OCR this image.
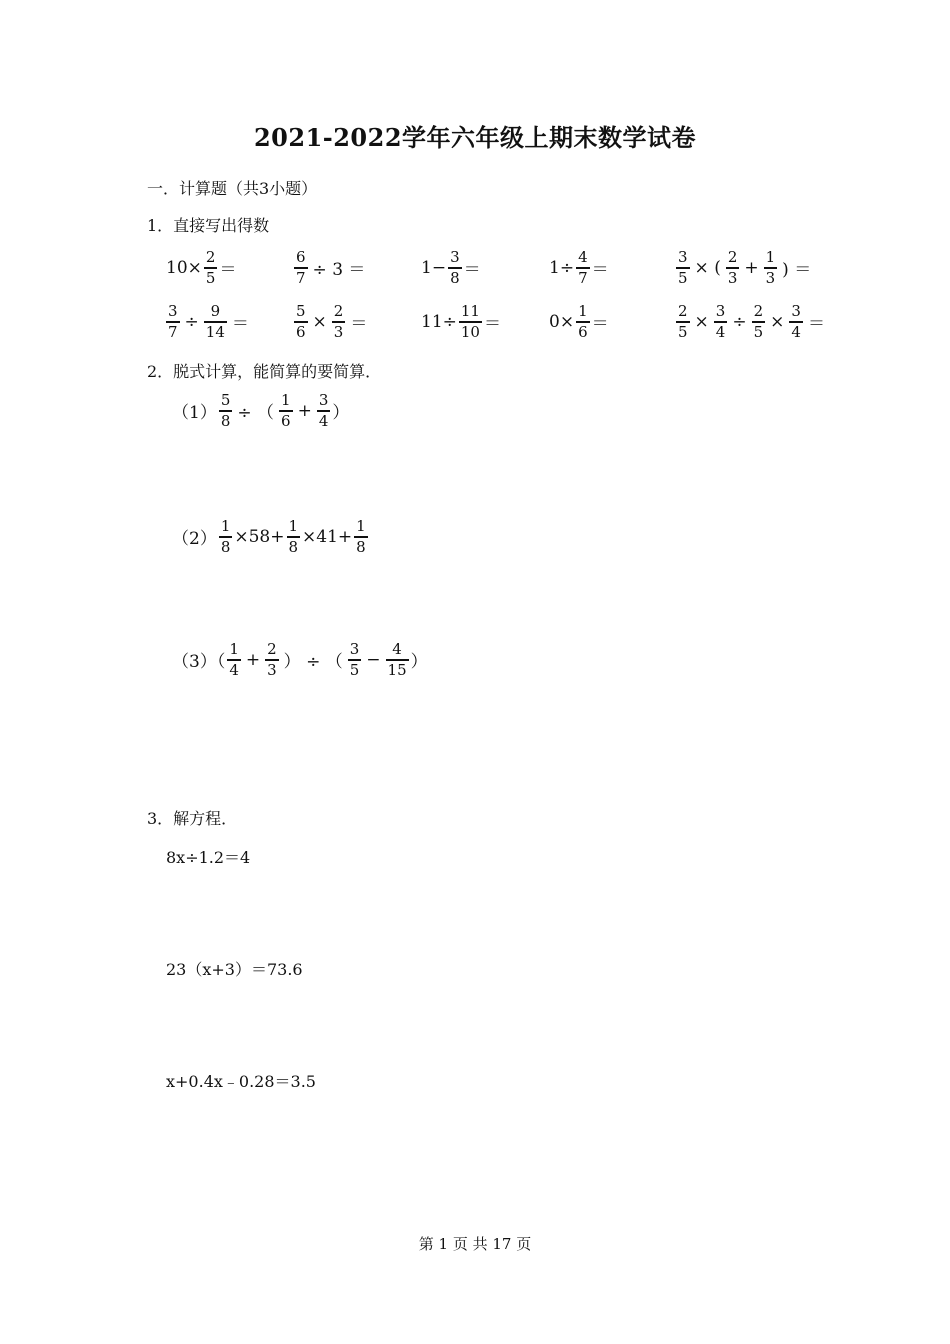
2021-2022学年六年级上期末数学试卷
一．计算题（共3小题）
1．直接写出得数
$10\times \frac{2}{5}$ ＝	$\frac{6}{7} \div 3$ ＝	$1- \frac{3}{8}$ ＝	$1\div \frac{4}{7}$ ＝	$\frac{3}{5}$ × ( $\frac{2}{3} + \frac{1}{3}$ ) ＝
$\frac{3}{7} \div \frac{9}{14}$ ＝	$\frac{5}{6} \times \frac{2}{3}$ ＝	$11\div \frac{11}{10}$ ＝	$0\times \frac{1}{6}$ ＝	$\frac{2}{5} \times \frac{3}{4} \div \frac{2}{5} \times \frac{3}{4}$ ＝
2．脱式计算，能简算的要简算．
$(1) \frac{5}{8}$ ÷ （ $\frac{1}{6} + \frac{3}{4}$ ）
$(2) \frac{1}{8} \times 58+ \frac{1}{8} \times 41+ \frac{1}{8}$
$(3)( \frac{1}{4} + \frac{2}{3}$ ） ÷ （ $\frac{3}{5} - \frac{4}{15}$ ）
3．解方程．
8x÷1.2＝4
23（x+3）＝73.6
x+0.4x﹣0.28＝3.5
第 1 页 共 17 页
